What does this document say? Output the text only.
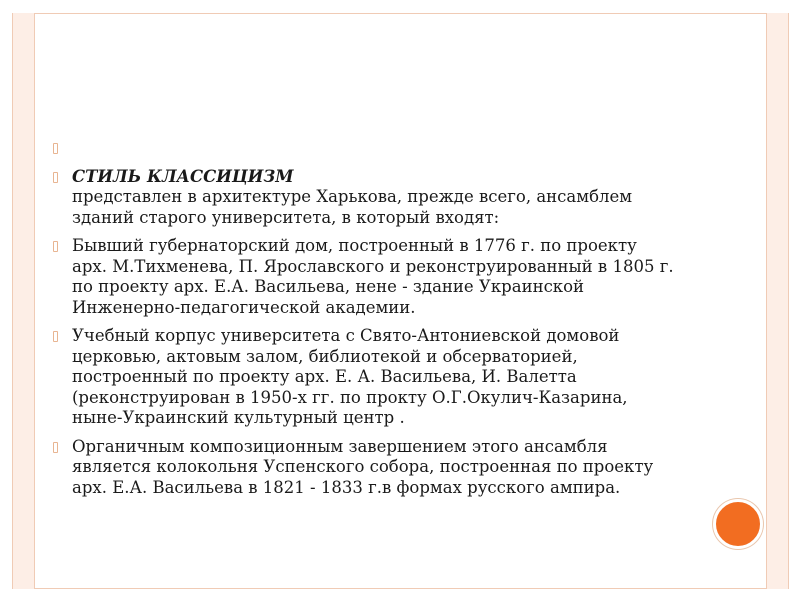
СТИЛЬ КЛАССИЦИЗМ
представлен в архитектуре Харькова, прежде всего, ансамблем
зданий старого университета, в который входят:
Бывший губернаторский дом, построенный в 1776 г. по проекту
арх. М.Тихменева, П. Ярославского и реконструированный в 1805 г.
по проекту арх. Е.А. Васильева, нене - здание Украинской
Инженерно-педагогической академии.
Учебный корпус университета с Свято-Антониевской домовой
церковью, актовым залом, библиотекой и обсерваторией,
построенный по проекту арх. Е. А. Васильева, И. Валетта
(реконструирован в 1950-х гг. по прокту О.Г.Окулич-Казарина,
ныне-Украинский культурный центр .
Органичным композиционным завершением этого ансамбля
является колокольня Успенского собора, построенная по проекту
арх. Е.А. Васильева в 1821 - 1833 г.в формах русского ампира.
